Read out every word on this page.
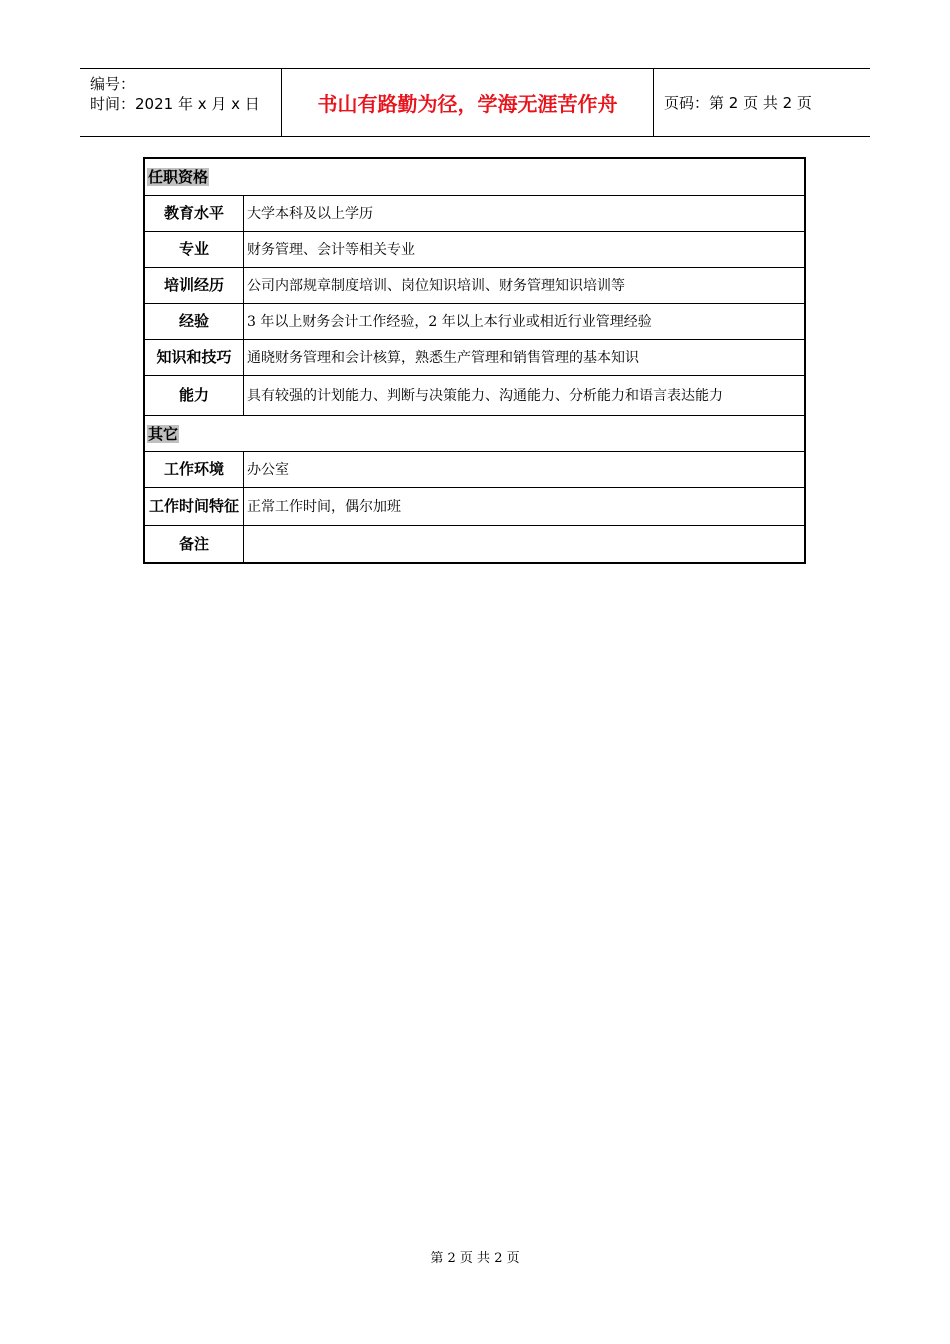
编号：
时间：2021 年 x 月 x 日	书山有路勤为径，学海无涯苦作舟	页码：第 2 页 共 2 页
任职资格
教育水平	大学本科及以上学历
专业	财务管理、会计等相关专业
培训经历	公司内部规章制度培训、岗位知识培训、财务管理知识培训等
经验	3 年以上财务会计工作经验，2 年以上本行业或相近行业管理经验
知识和技巧	通晓财务管理和会计核算，熟悉生产管理和销售管理的基本知识
能力	具有较强的计划能力、判断与决策能力、沟通能力、分析能力和语言表达能力
其它
工作环境	办公室
工作时间特征 正常工作时间，偶尔加班
备注
第 2 页 共 2 页
